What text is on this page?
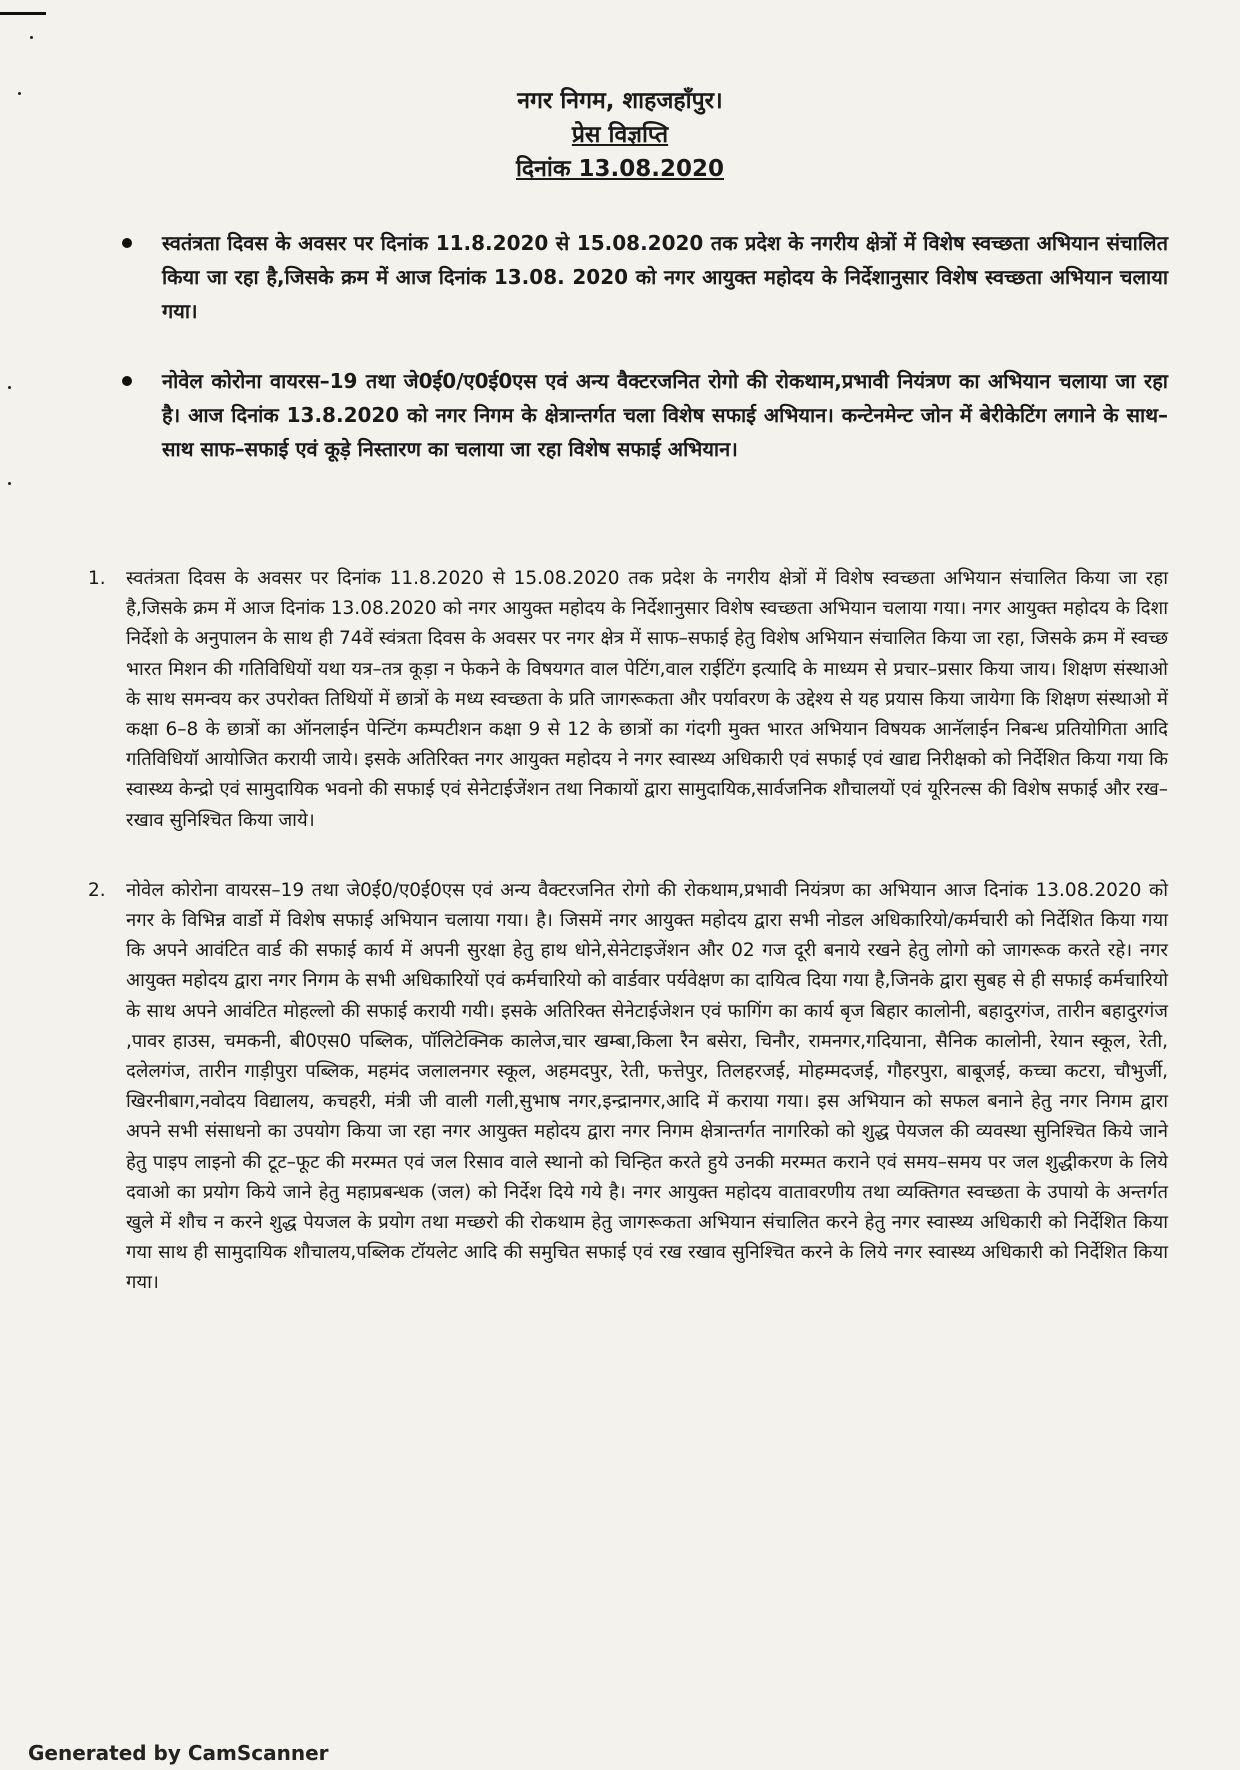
नगर निगम, शाहजहाँपुर।

प्रेस विज्ञप्ति

दिनांक 13.08.2020

स्वतंत्रता दिवस के अवसर पर दिनांक 11.8.2020 से 15.08.2020 तक प्रदेश के नगरीय क्षेत्रों में विशेष स्वच्छता अभियान संचालित किया जा रहा है,जिसके क्रम में आज दिनांक 13.08. 2020 को नगर आयुक्त महोदय के निर्देशानुसार विशेष स्वच्छता अभियान चलाया गया।
नोवेल कोरोना वायरस–19 तथा जे0ई0/ए0ई0एस एवं अन्य वैक्टरजनित रोगो की रोकथाम,प्रभावी नियंत्रण का अभियान चलाया जा रहा है। आज दिनांक 13.8.2020 को नगर निगम के क्षेत्रान्तर्गत चला विशेष सफाई अभियान। कन्टेनमेन्ट जोन में बेरीकेटिंग लगाने के साथ–साथ साफ–सफाई एवं कूड़े निस्तारण का चलाया जा रहा विशेष सफाई अभियान।
1. स्वतंत्रता दिवस के अवसर पर दिनांक 11.8.2020 से 15.08.2020 तक प्रदेश के नगरीय क्षेत्रों में विशेष स्वच्छता अभियान संचालित किया जा रहा है,जिसके क्रम में आज दिनांक 13.08.2020 को नगर आयुक्त महोदय के निर्देशानुसार विशेष स्वच्छता अभियान चलाया गया। नगर आयुक्त महोदय के दिशा निर्देशो के अनुपालन के साथ ही 74वें स्वंत्रता दिवस के अवसर पर नगर क्षेत्र में साफ–सफाई हेतु विशेष अभियान संचालित किया जा रहा, जिसके क्रम में स्वच्छ भारत मिशन की गतिविधियों यथा यत्र–तत्र कूड़ा न फेकने के विषयगत वाल पेटिंग,वाल राईटिंग इत्यादि के माध्यम से प्रचार–प्रसार किया जाय। शिक्षण संस्थाओ के साथ समन्वय कर उपरोक्त तिथियों में छात्रों के मध्य स्वच्छता के प्रति जागरूकता और पर्यावरण के उद्देश्य से यह प्रयास किया जायेगा कि शिक्षण संस्थाओ में कक्षा 6–8 के छात्रों का ऑनलाईन पेन्टिंग कम्पटीशन कक्षा 9 से 12 के छात्रों का गंदगी मुक्त भारत अभियान विषयक आनॅलाईन निबन्ध प्रतियोगिता आदि गतिविधियॉ आयोजित करायी जाये। इसके अतिरिक्त नगर आयुक्त महोदय ने नगर स्वास्थ्य अधिकारी एवं सफाई एवं खाद्य निरीक्षको को निर्देशित किया गया कि स्वास्थ्य केन्द्रो एवं सामुदायिक भवनो की सफाई एवं सेनेटाईजेंशन तथा निकायों द्वारा सामुदायिक,सार्वजनिक शौचालयों एवं यूरिनल्स की विशेष सफाई और रख–रखाव सुनिश्चित किया जाये।
2. नोवेल कोरोना वायरस–19 तथा जे0ई0/ए0ई0एस एवं अन्य वैक्टरजनित रोगो की रोकथाम,प्रभावी नियंत्रण का अभियान आज दिनांक 13.08.2020 को नगर के विभिन्न वार्डो में विशेष सफाई अभियान चलाया गया। है। जिसमें नगर आयुक्त महोदय द्वारा सभी नोडल अधिकारियो/कर्मचारी को निर्देशित किया गया कि अपने आवंटित वार्ड की सफाई कार्य में अपनी सुरक्षा हेतु हाथ धोने,सेनेटाइजेंशन और 02 गज दूरी बनाये रखने हेतु लोगो को जागरूक करते रहे। नगर आयुक्त महोदय द्वारा नगर निगम के सभी अधिकारियों एवं कर्मचारियो को वार्डवार पर्यवेक्षण का दायित्व दिया गया है,जिनके द्वारा सुबह से ही सफाई कर्मचारियो के साथ अपने आवंटित मोहल्लो की सफाई करायी गयी। इसके अतिरिक्त सेनेटाईजेशन एवं फागिंग का कार्य बृज बिहार कालोनी, बहादुरगंज, तारीन बहादुरगंज ,पावर हाउस, चमकनी, बी0एस0 पब्लिक, पॉलिटेक्निक कालेज,चार खम्बा,किला रैन बसेरा, चिनौर, रामनगर,गदियाना, सैनिक कालोनी, रेयान स्कूल, रेती, दलेलगंज, तारीन गाड़ीपुरा पब्लिक, महमंद जलालनगर स्कूल, अहमदपुर, रेती, फत्तेपुर, तिलहरजई, मोहम्मदजई, गौहरपुरा, बाबूजई, कच्चा कटरा, चौभुर्जी, खिरनीबाग,नवोदय विद्यालय, कचहरी, मंत्री जी वाली गली,सुभाष नगर,इन्द्रानगर,आदि में कराया गया। इस अभियान को सफल बनाने हेतु नगर निगम द्वारा अपने सभी संसाधनो का उपयोग किया जा रहा नगर आयुक्त महोदय द्वारा नगर निगम क्षेत्रान्तर्गत नागरिको को शुद्ध पेयजल की व्यवस्था सुनिश्चित किये जाने हेतु पाइप लाइनो की टूट–फूट की मरम्मत एवं जल रिसाव वाले स्थानो को चिन्हित करते हुये उनकी मरम्मत कराने एवं समय–समय पर जल शुद्धीकरण के लिये दवाओ का प्रयोग किये जाने हेतु महाप्रबन्धक (जल) को निर्देश दिये गये है। नगर आयुक्त महोदय वातावरणीय तथा व्यक्तिगत स्वच्छता के उपायो के अन्तर्गत खुले में शौच न करने शुद्ध पेयजल के प्रयोग तथा मच्छरो की रोकथाम हेतु जागरूकता अभियान संचालित करने हेतु नगर स्वास्थ्य अधिकारी को निर्देशित किया गया साथ ही सामुदायिक शौचालय,पब्लिक टॉयलेट आदि की समुचित सफाई एवं रख रखाव सुनिश्चित करने के लिये नगर स्वास्थ्य अधिकारी को निर्देशित किया गया।
Generated by CamScanner
